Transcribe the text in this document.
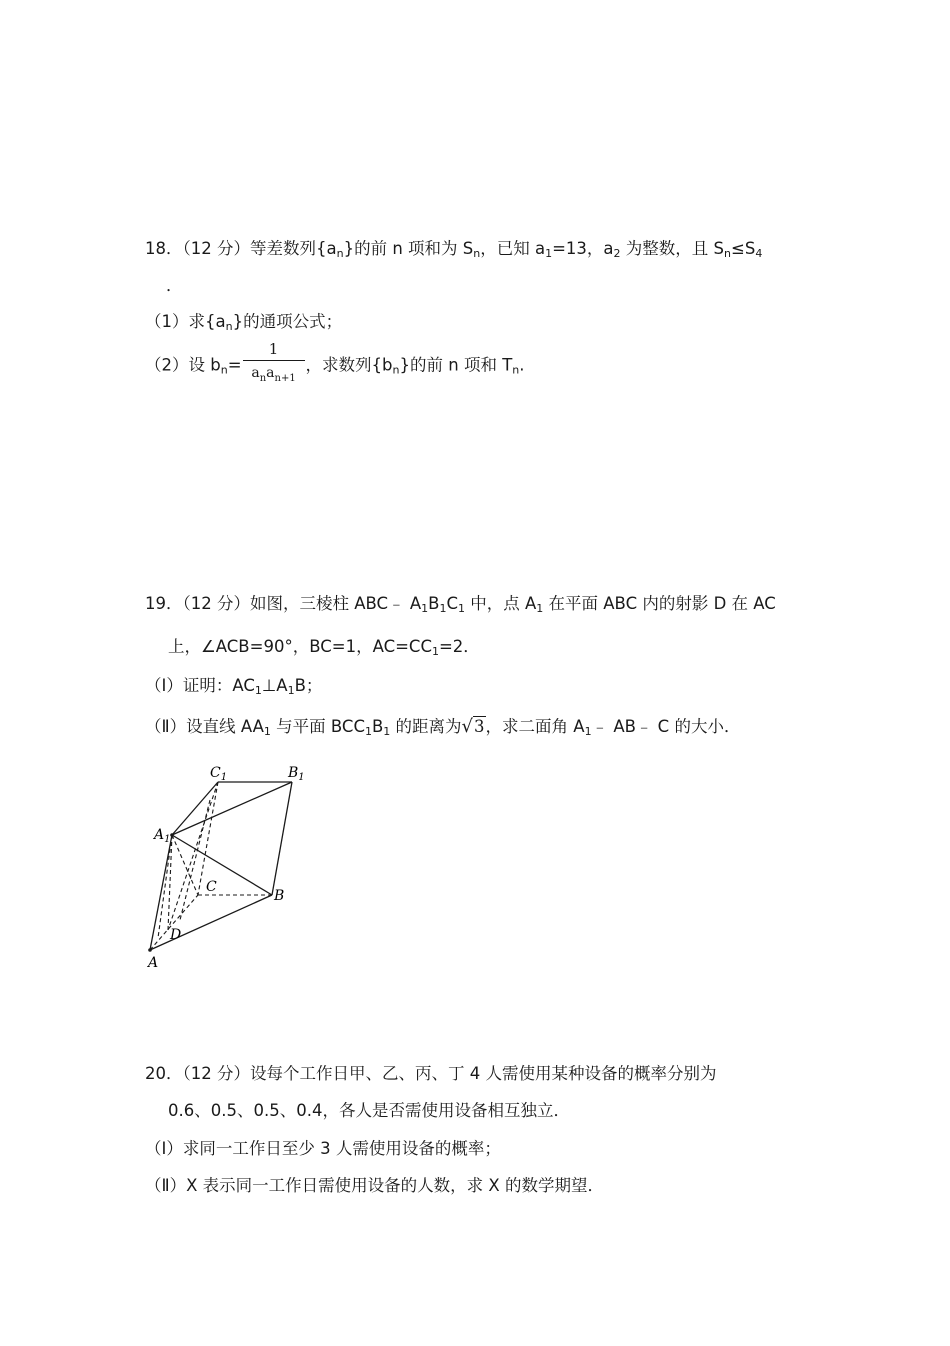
18．（12 分）等差数列$\{a_n\}$的前 n 项和为 $S_n$，已知 $a_1=13$，$a_2$ 为整数，且 $S_n\le S_4$
．
（1）求$\{a_n\}$的通项公式；
（2）设 $b_n= \frac{1}{a_na_{n+1}}$ ，求数列$\{b_n\}$的前 n 项和 $T_n$.
19．（12 分）如图，三棱柱 ABC﹣ $A_1B_1C_1$ 中，点 $A_1$ 在平面 ABC 内的射影 D 在 AC
上，∠ACB=90°，BC=1，$AC=CC_1=2$．
（Ⅰ）证明：$AC_1\perp A_1B$；
（Ⅱ）设直线 $AA_1$ 与平面 $BCC_1B_1$ 的距离为√3，求二面角 $A_1﹣$ AB﹣ C 的大小．
$C_1$	$B_1$
$A_1$
C
B
D
A
20．（12 分）设每个工作日甲、乙、丙、丁 4 人需使用某种设备的概率分别为
0.6、0.5、0.5、0.4，各人是否需使用设备相互独立．
（Ⅰ）求同一工作日至少 3 人需使用设备的概率；
（Ⅱ）X 表示同一工作日需使用设备的人数，求 X 的数学期望．
